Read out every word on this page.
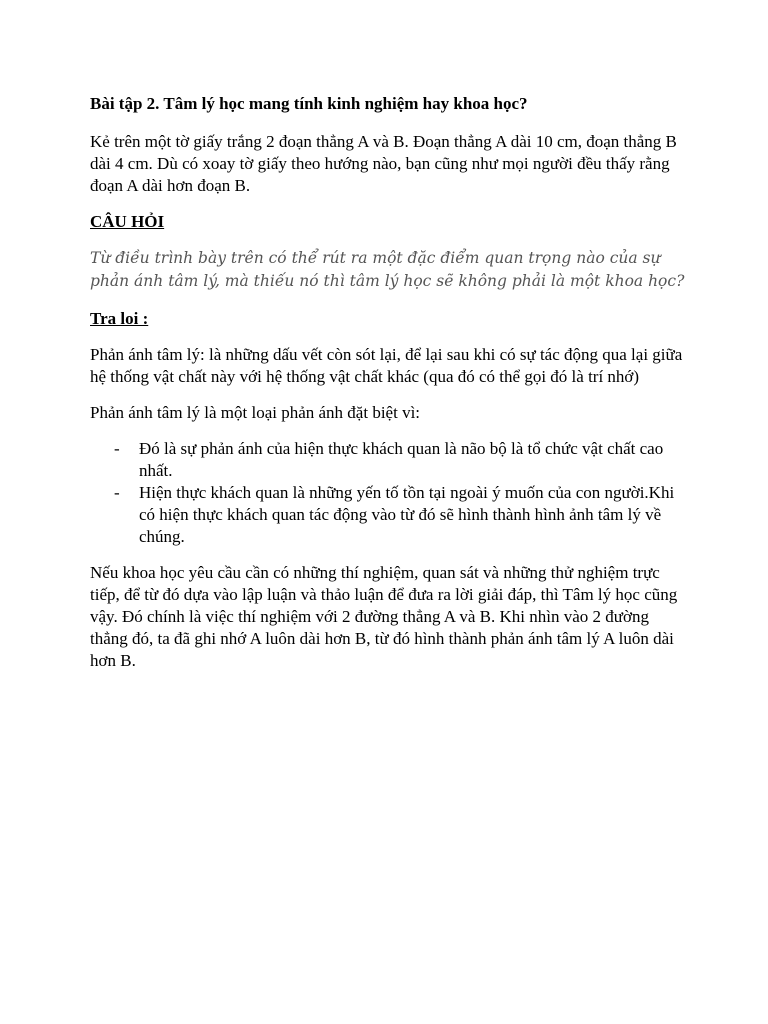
Bài tập 2. Tâm lý học mang tính kinh nghiệm hay khoa học?

Kẻ trên một tờ giấy trắng 2 đoạn thẳng A và B. Đoạn thẳng A dài 10 cm, đoạn thẳng B dài 4 cm. Dù có xoay tờ giấy theo hướng nào, bạn cũng như mọi người đều thấy rằng đoạn A dài hơn đoạn B.

CÂU HỎI

Từ điều trình bày trên có thể rút ra một đặc điểm quan trọng nào của sự phản ánh tâm lý, mà thiếu nó thì tâm lý học sẽ không phải là một khoa học?

Tra loi :

Phản ánh tâm lý: là những dấu vết còn sót lại, để lại sau khi có sự tác động qua lại giữa hệ thống vật chất này với hệ thống vật chất khác (qua đó có thể gọi đó là trí nhớ)

Phản ánh tâm lý là một loại phản ánh đặt biệt vì:

- Đó là sự phản ánh của hiện thực khách quan là não bộ là tổ chức vật chất cao nhất.
- Hiện thực khách quan là những yến tố tồn tại ngoài ý muốn của con người.Khi có hiện thực khách quan tác động vào từ đó sẽ hình thành hình ảnh tâm lý về chúng.

Nếu khoa học yêu cầu cần có những thí nghiệm, quan sát và những thử nghiệm trực tiếp, để từ đó dựa vào lập luận và thảo luận để đưa ra lời giải đáp, thì Tâm lý học cũng vậy. Đó chính là việc thí nghiệm với 2 đường thẳng A và B. Khi nhìn vào 2 đường thẳng đó, ta đã ghi nhớ A luôn dài hơn B, từ đó hình thành phản ánh tâm lý A luôn dài hơn B.
